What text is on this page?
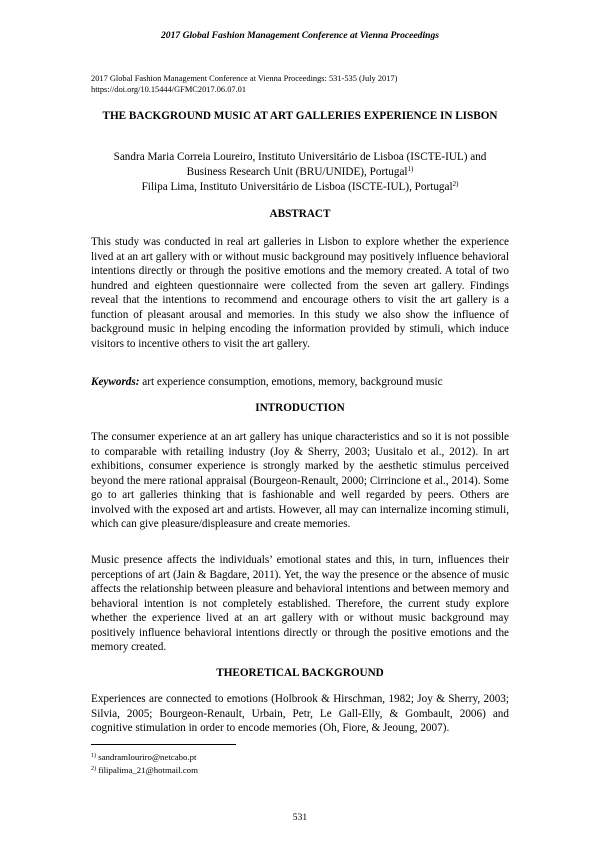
2017 Global Fashion Management Conference at Vienna Proceedings
2017 Global Fashion Management Conference at Vienna Proceedings: 531-535 (July 2017)
https://doi.org/10.15444/GFMC2017.06.07.01
THE BACKGROUND MUSIC AT ART GALLERIES EXPERIENCE IN LISBON
Sandra Maria Correia Loureiro, Instituto Universitário de Lisboa (ISCTE-IUL) and
Business Research Unit (BRU/UNIDE), Portugal$^{1)}$
Filipa Lima, Instituto Universitário de Lisboa (ISCTE-IUL), Portugal$^{2)}$
ABSTRACT

This study was conducted in real art galleries in Lisbon to explore whether the experience lived at an art gallery with or without music background may positively influence behavioral intentions directly or through the positive emotions and the memory created. A total of two hundred and eighteen questionnaire were collected from the seven art gallery. Findings reveal that the intentions to recommend and encourage others to visit the art gallery is a function of pleasant arousal and memories. In this study we also show the influence of background music in helping encoding the information provided by stimuli, which induce visitors to incentive others to visit the art gallery.

Keywords: art experience consumption, emotions, memory, background music

INTRODUCTION

The consumer experience at an art gallery has unique characteristics and so it is not possible to comparable with retailing industry (Joy & Sherry, 2003; Uusitalo et al., 2012). In art exhibitions, consumer experience is strongly marked by the aesthetic stimulus perceived beyond the mere rational appraisal (Bourgeon-Renault, 2000; Cirrincione et al., 2014). Some go to art galleries thinking that is fashionable and well regarded by peers. Others are involved with the exposed art and artists. However, all may can internalize incoming stimuli, which can give pleasure/displeasure and create memories.

Music presence affects the individuals’ emotional states and this, in turn, influences their perceptions of art (Jain & Bagdare, 2011). Yet, the way the presence or the absence of music affects the relationship between pleasure and behavioral intentions and between memory and behavioral intention is not completely established. Therefore, the current study explore whether the experience lived at an art gallery with or without music background may positively influence behavioral intentions directly or through the positive emotions and the memory created.

THEORETICAL BACKGROUND

Experiences are connected to emotions (Holbrook & Hirschman, 1982; Joy & Sherry, 2003; Silvia, 2005; Bourgeon-Renault, Urbain, Petr, Le Gall-Elly, & Gombault, 2006) and cognitive stimulation in order to encode memories (Oh, Fiore, & Jeoung, 2007).

$^{1)}$ sandramlouriro@netcabo.pt
$^{2)}$ filipalima_21@hotmail.com
531
